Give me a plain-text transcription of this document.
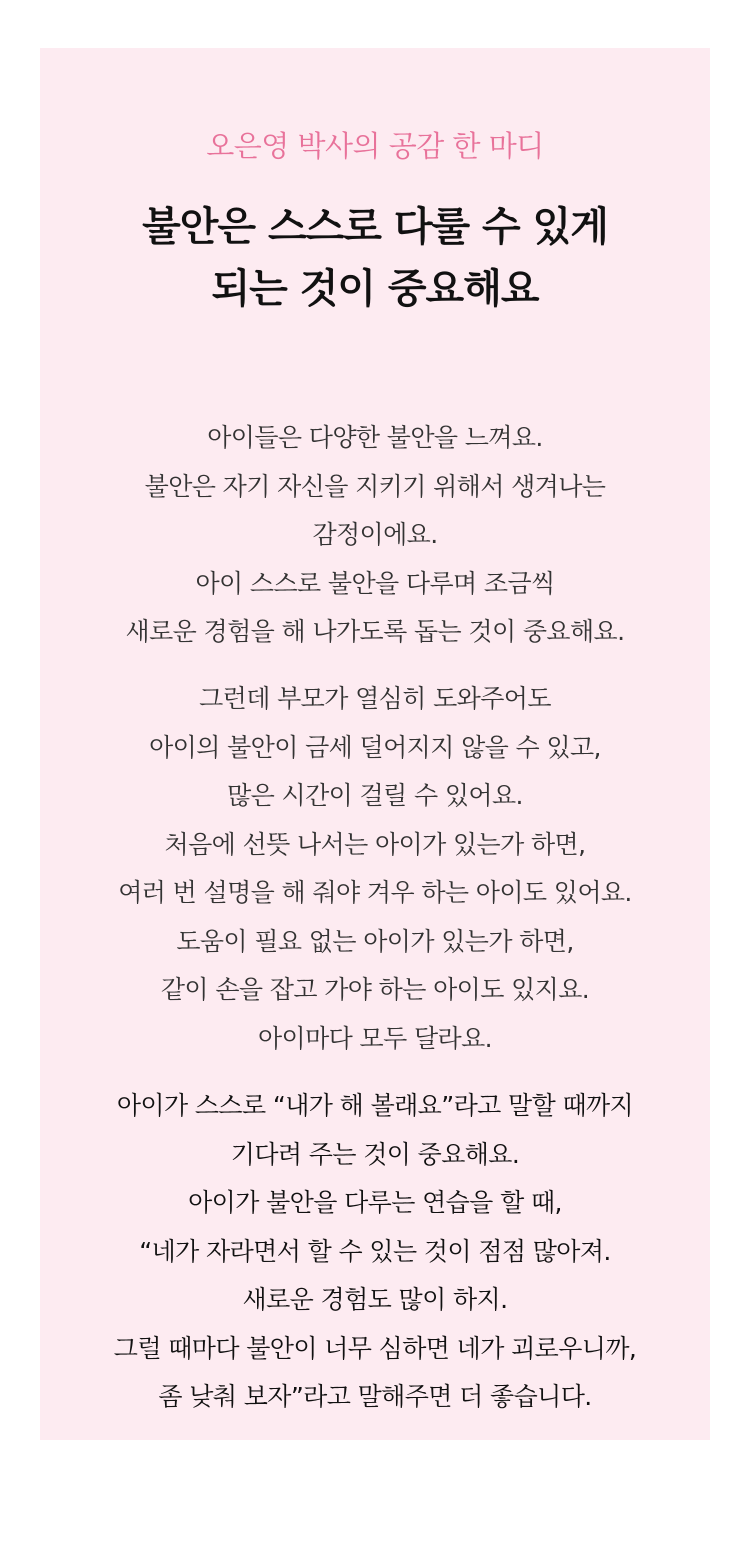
오은영 박사의 공감 한 마디
불안은 스스로 다룰 수 있게
되는 것이 중요해요
아이들은 다양한 불안을 느껴요.
불안은 자기 자신을 지키기 위해서 생겨나는
감정이에요.
아이 스스로 불안을 다루며 조금씩
새로운 경험을 해 나가도록 돕는 것이 중요해요.
그런데 부모가 열심히 도와주어도
아이의 불안이 금세 덜어지지 않을 수 있고,
많은 시간이 걸릴 수 있어요.
처음에 선뜻 나서는 아이가 있는가 하면,
여러 번 설명을 해 줘야 겨우 하는 아이도 있어요.
도움이 필요 없는 아이가 있는가 하면,
같이 손을 잡고 가야 하는 아이도 있지요.
아이마다 모두 달라요.
아이가 스스로 “내가 해 볼래요”라고 말할 때까지
기다려 주는 것이 중요해요.
아이가 불안을 다루는 연습을 할 때,
“네가 자라면서 할 수 있는 것이 점점 많아져.
새로운 경험도 많이 하지.
그럴 때마다 불안이 너무 심하면 네가 괴로우니까,
좀 낮춰 보자”라고 말해주면 더 좋습니다.
